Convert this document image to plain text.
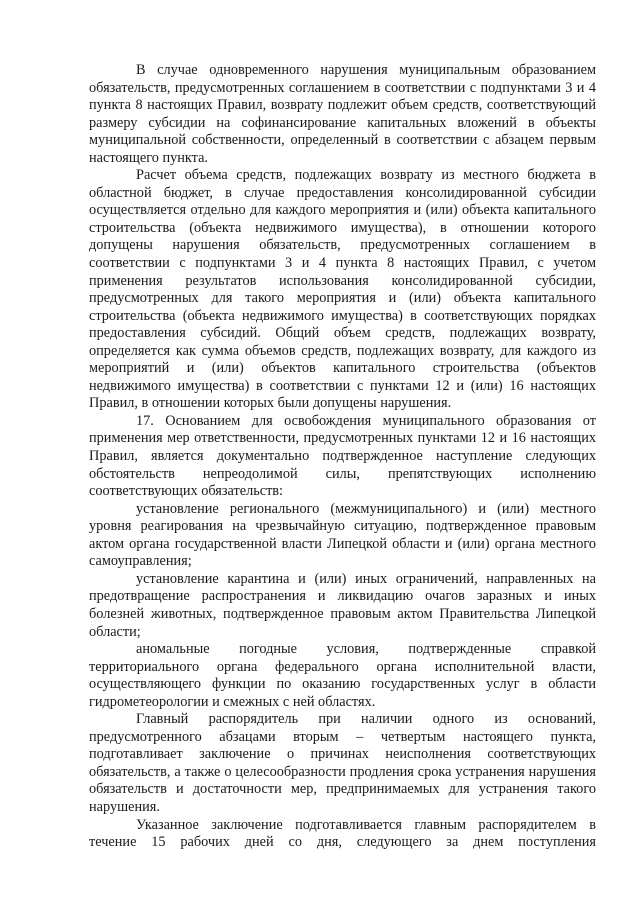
В случае одновременного нарушения муниципальным образованием обязательств, предусмотренных соглашением в соответствии с подпунктами 3 и 4 пункта 8 настоящих Правил, возврату подлежит объем средств, соответствующий размеру субсидии на софинансирование капитальных вложений в объекты муниципальной собственности, определенный в соответствии с абзацем первым настоящего пункта.

Расчет объема средств, подлежащих возврату из местного бюджета в областной бюджет, в случае предоставления консолидированной субсидии осуществляется отдельно для каждого мероприятия и (или) объекта капитального строительства (объекта недвижимого имущества), в отношении которого допущены нарушения обязательств, предусмотренных соглашением в соответствии с подпунктами 3 и 4 пункта 8 настоящих Правил, с учетом применения результатов использования консолидированной субсидии, предусмотренных для такого мероприятия и (или) объекта капитального строительства (объекта недвижимого имущества) в соответствующих порядках предоставления субсидий. Общий объем средств, подлежащих возврату, определяется как сумма объемов средств, подлежащих возврату, для каждого из мероприятий и (или) объектов капитального строительства (объектов недвижимого имущества) в соответствии с пунктами 12 и (или) 16 настоящих Правил, в отношении которых были допущены нарушения.

17. Основанием для освобождения муниципального образования от применения мер ответственности, предусмотренных пунктами 12 и 16 настоящих Правил, является документально подтвержденное наступление следующих обстоятельств непреодолимой силы, препятствующих исполнению соответствующих обязательств:

установление регионального (межмуниципального) и (или) местного уровня реагирования на чрезвычайную ситуацию, подтвержденное правовым актом органа государственной власти Липецкой области и (или) органа местного самоуправления;

установление карантина и (или) иных ограничений, направленных на предотвращение распространения и ликвидацию очагов заразных и иных болезней животных, подтвержденное правовым актом Правительства Липецкой области;

аномальные погодные условия, подтвержденные справкой территориального органа федерального органа исполнительной власти, осуществляющего функции по оказанию государственных услуг в области гидрометеорологии и смежных с ней областях.

Главный распорядитель при наличии одного из оснований, предусмотренного абзацами вторым – четвертым настоящего пункта, подготавливает заключение о причинах неисполнения соответствующих обязательств, а также о целесообразности продления срока устранения нарушения обязательств и достаточности мер, предпринимаемых для устранения такого нарушения.

Указанное заключение подготавливается главным распорядителем в течение 15 рабочих дней со дня, следующего за днем поступления
